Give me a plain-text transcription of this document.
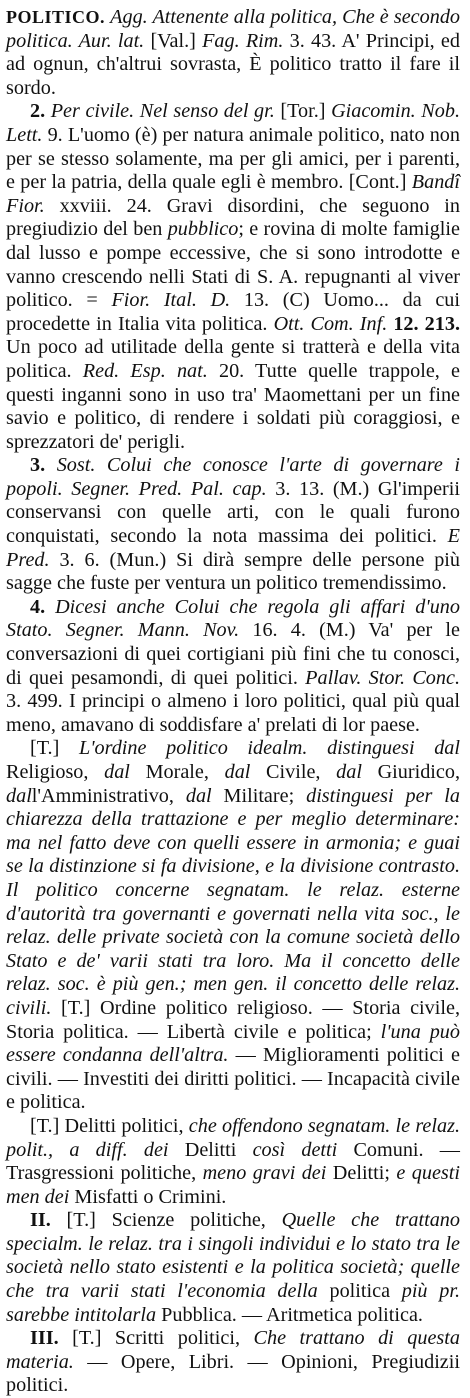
POLITICO. Agg. Attenente alla politica, Che è secondo politica. Aur. lat. [Val.] Fag. Rim. 3. 43. A' Principi, ed ad ognun, ch'altrui sovrasta, È politico tratto il fare il sordo.

2. Per civile. Nel senso del gr. [Tor.] Giacomin. Nob. Lett. 9. L'uomo (è) per natura animale politico, nato non per se stesso solamente, ma per gli amici, per i parenti, e per la patria, della quale egli è membro. [Cont.] Bandî Fior. xxviii. 24. Gravi disordini, che seguono in pregiudizio del ben pubblico; e rovina di molte famiglie dal lusso e pompe eccessive, che si sono introdotte e vanno crescendo nelli Stati di S. A. repugnanti al viver politico. = Fior. Ital. D. 13. (C) Uomo... da cui procedette in Italia vita politica. Ott. Com. Inf. 12. 213. Un poco ad utilitade della gente si tratterà e della vita politica. Red. Esp. nat. 20. Tutte quelle trappole, e questi inganni sono in uso tra' Maomettani per un fine savio e politico, di rendere i soldati più coraggiosi, e sprezzatori de' perigli.

3. Sost. Colui che conosce l'arte di governare i popoli. Segner. Pred. Pal. cap. 3. 13. (M.) Gl'imperii conservansi con quelle arti, con le quali furono conquistati, secondo la nota massima dei politici. E Pred. 3. 6. (Mun.) Si dirà sempre delle persone più sagge che fuste per ventura un politico tremendissimo.

4. Dicesi anche Colui che regola gli affari d'uno Stato. Segner. Mann. Nov. 16. 4. (M.) Va' per le conversazioni di quei cortigiani più fini che tu conosci, di quei pesamondi, di quei politici. Pallav. Stor. Conc. 3. 499. I principi o almeno i loro politici, qual più qual meno, amavano di soddisfare a' prelati di lor paese.

[T.] L'ordine politico idealm. distinguesi dal Religioso, dal Morale, dal Civile, dal Giuridico, dall'Amministrativo, dal Militare; distinguesi per la chiarezza della trattazione e per meglio determinare: ma nel fatto deve con quelli essere in armonia; e guai se la distinzione si fa divisione, e la divisione contrasto. Il politico concerne segnatam. le relaz. esterne d'autorità tra governanti e governati nella vita soc., le relaz. delle private società con la comune società dello Stato e de' varii stati tra loro. Ma il concetto delle relaz. soc. è più gen.; men gen. il concetto delle relaz. civili. [T.] Ordine politico religioso. — Storia civile, Storia politica. — Libertà civile e politica; l'una può essere condanna dell'altra. — Miglioramenti politici e civili. — Investiti dei diritti politici. — Incapacità civile e politica.

[T.] Delitti politici, che offendono segnatam. le relaz. polit., a diff. dei Delitti così detti Comuni. — Trasgressioni politiche, meno gravi dei Delitti; e questi men dei Misfatti o Crimini.

II. [T.] Scienze politiche, Quelle che trattano specialm. le relaz. tra i singoli individui e lo stato tra le società nello stato esistenti e la politica società; quelle che tra varii stati l'economia della politica più pr. sarebbe intitolarla Pubblica. — Aritmetica politica.

III. [T.] Scritti politici, Che trattano di questa materia. — Opere, Libri. — Opinioni, Pregiudizii politici.
